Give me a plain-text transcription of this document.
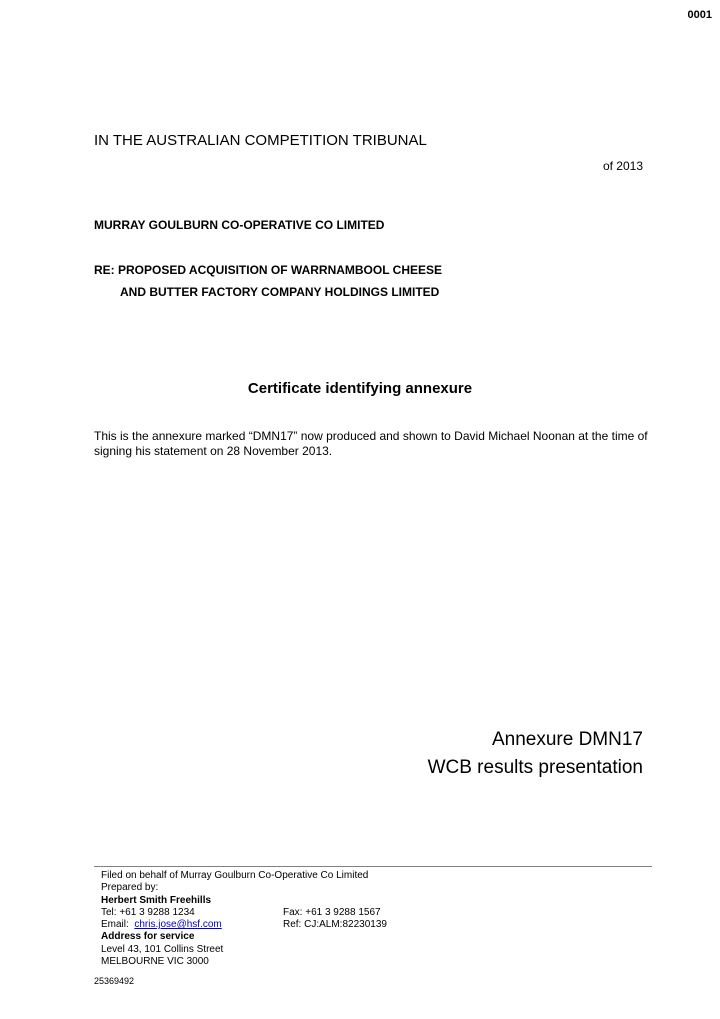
0001
IN THE AUSTRALIAN COMPETITION TRIBUNAL
of 2013
MURRAY GOULBURN CO-OPERATIVE CO LIMITED
RE: PROPOSED ACQUISITION OF WARRNAMBOOL CHEESE
AND BUTTER FACTORY COMPANY HOLDINGS LIMITED
Certificate identifying annexure
This is the annexure marked “DMN17” now produced and shown to David Michael Noonan at the time of signing his statement on 28 November 2013.
Annexure DMN17
WCB results presentation
Filed on behalf of Murray Goulburn Co-Operative Co Limited
Prepared by:
Herbert Smith Freehills
Tel: +61 3 9288 1234	Fax: +61 3 9288 1567
Email: chris.jose@hsf.com	Ref: CJ:ALM:82230139
Address for service
Level 43, 101 Collins Street
MELBOURNE VIC 3000
25369492
